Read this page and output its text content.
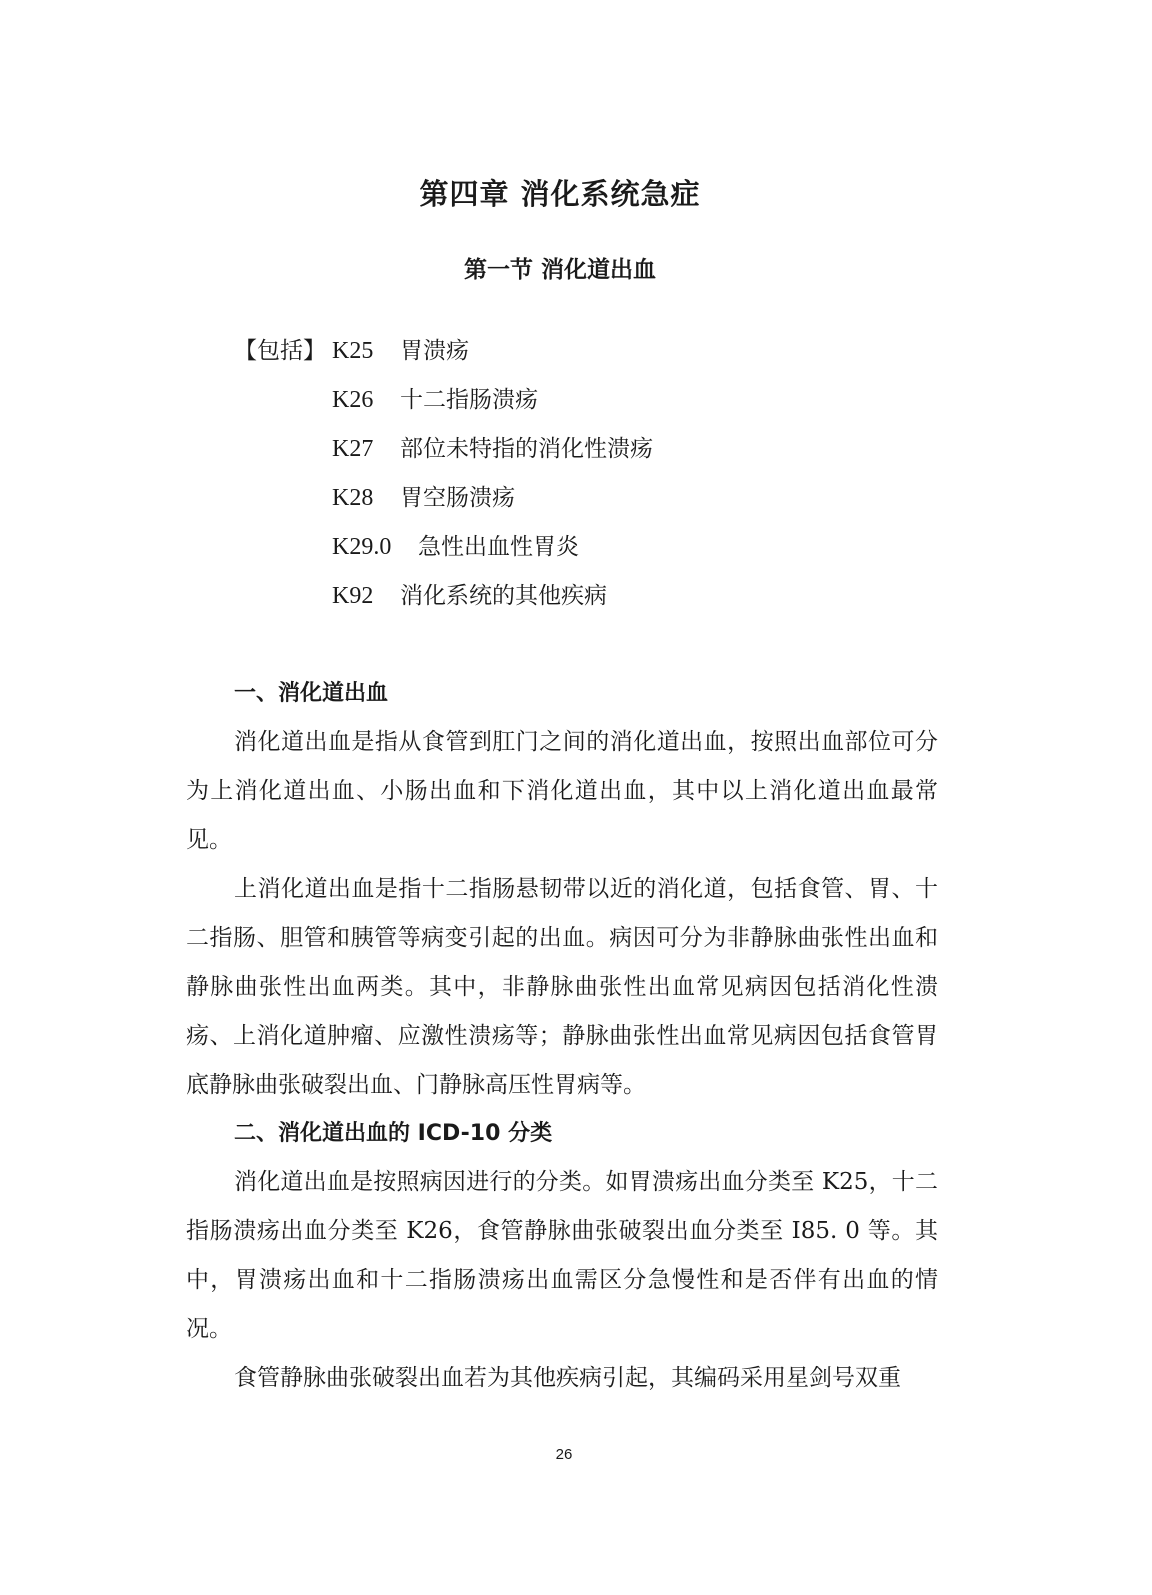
第四章 消化系统急症
第一节 消化道出血
【包括】 K25 胃溃疡
K26 十二指肠溃疡
K27 部位未特指的消化性溃疡
K28 胃空肠溃疡
K29.0 急性出血性胃炎
K92 消化系统的其他疾病
一、消化道出血

消化道出血是指从食管到肛门之间的消化道出血，按照出血部位可分为上消化道出血、小肠出血和下消化道出血，其中以上消化道出血最常见。

上消化道出血是指十二指肠悬韧带以近的消化道，包括食管、胃、十二指肠、胆管和胰管等病变引起的出血。病因可分为非静脉曲张性出血和静脉曲张性出血两类。其中，非静脉曲张性出血常见病因包括消化性溃疡、上消化道肿瘤、应激性溃疡等；静脉曲张性出血常见病因包括食管胃底静脉曲张破裂出血、门静脉高压性胃病等。

二、消化道出血的 ICD-10 分类

消化道出血是按照病因进行的分类。如胃溃疡出血分类至 K25，十二指肠溃疡出血分类至 K26，食管静脉曲张破裂出血分类至 I85. 0 等。其中，胃溃疡出血和十二指肠溃疡出血需区分急慢性和是否伴有出血的情况。

食管静脉曲张破裂出血若为其他疾病引起，其编码采用星剑号双重

26
